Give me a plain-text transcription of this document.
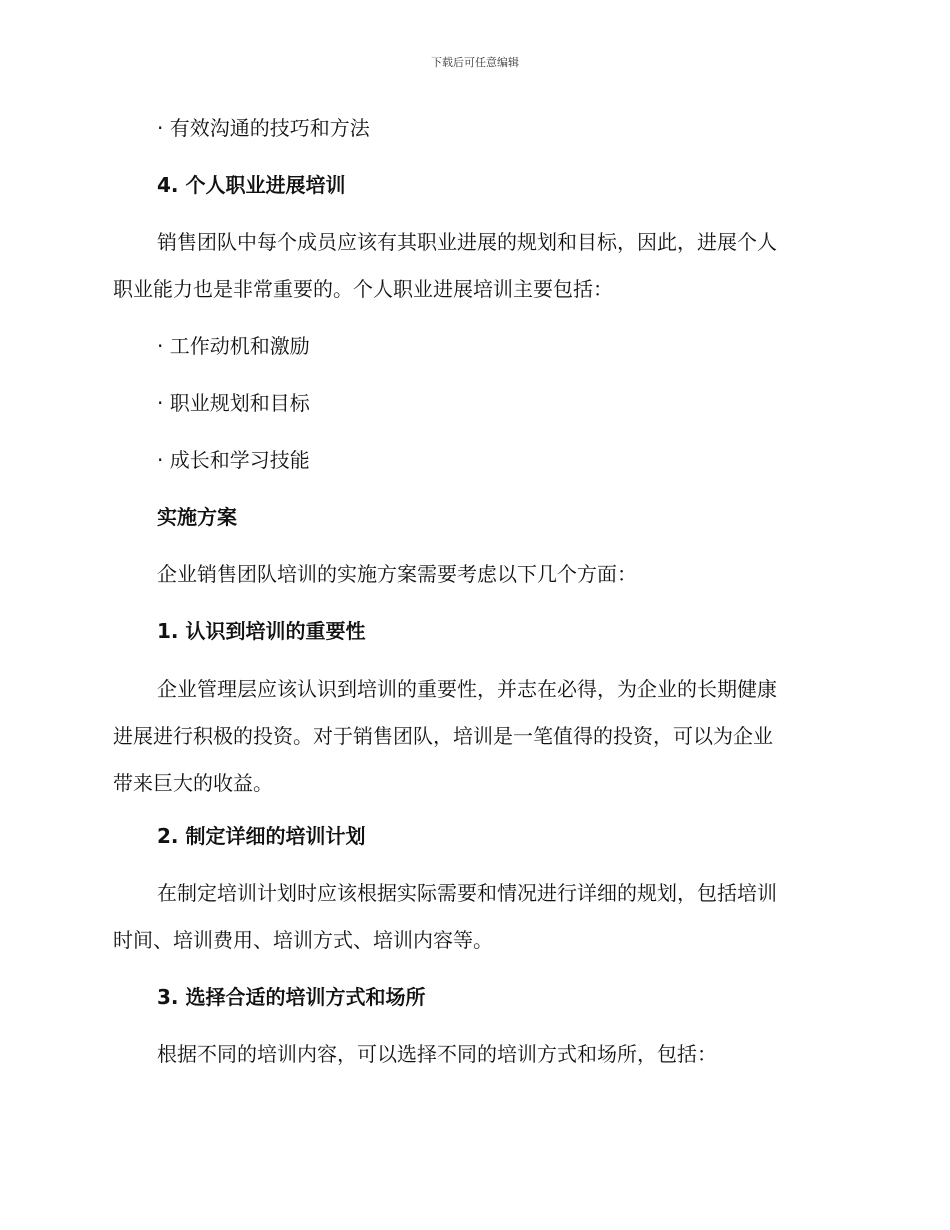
下载后可任意编辑
· 有效沟通的技巧和方法
4. 个人职业进展培训
销售团队中每个成员应该有其职业进展的规划和目标，因此，进展个人
职业能力也是非常重要的。个人职业进展培训主要包括：
· 工作动机和激励
· 职业规划和目标
· 成长和学习技能
实施方案
企业销售团队培训的实施方案需要考虑以下几个方面：
1. 认识到培训的重要性
企业管理层应该认识到培训的重要性，并志在必得，为企业的长期健康
进展进行积极的投资。对于销售团队，培训是一笔值得的投资，可以为企业
带来巨大的收益。
2. 制定详细的培训计划
在制定培训计划时应该根据实际需要和情况进行详细的规划，包括培训
时间、培训费用、培训方式、培训内容等。
3. 选择合适的培训方式和场所
根据不同的培训内容，可以选择不同的培训方式和场所，包括：
